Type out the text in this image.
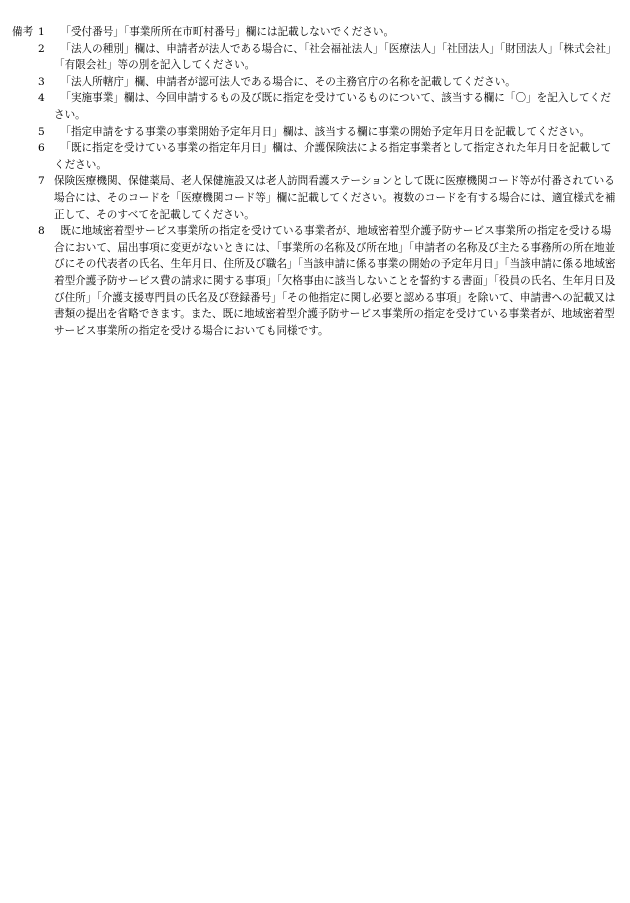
備考 1	「受付番号」「事業所所在市町村番号」欄には記載しないでください。
2	「法人の種別」欄は、申請者が法人である場合に、「社会福祉法人」「医療法人」「社団法人」「財団法人」「株式会社」「有限会社」等の別を記入してください。
3	「法人所轄庁」欄、申請者が認可法人である場合に、その主務官庁の名称を記載してください。
4	「実施事業」欄は、今回申請するもの及び既に指定を受けているものについて、該当する欄に「〇」を記入してください。
5	「指定申請をする事業の事業開始予定年月日」欄は、該当する欄に事業の開始予定年月日を記載してください。
6	「既に指定を受けている事業の指定年月日」欄は、介護保険法による指定事業者として指定された年月日を記載してください。
7 保険医療機関、保健薬局、老人保健施設又は老人訪問看護ステーションとして既に医療機関コード等が付番されている場合には、そのコードを「医療機関コード等」欄に記載してください。複数のコードを有する場合には、適宜様式を補正して、そのすべてを記載してください。
8	既に地域密着型サービス事業所の指定を受けている事業者が、地域密着型介護予防サービス事業所の指定を受ける場合において、届出事項に変更がないときには、「事業所の名称及び所在地」「申請者の名称及び主たる事務所の所在地並びにその代表者の氏名、生年月日、住所及び職名」「当該申請に係る事業の開始の予定年月日」「当該申請に係る地域密着型介護予防サービス費の請求に関する事項」「欠格事由に該当しないことを誓約する書面」「役員の氏名、生年月日及び住所」「介護支援専門員の氏名及び登録番号」「その他指定に関し必要と認める事項」を除いて、申請書への記載又は書類の提出を省略できます。また、既に地域密着型介護予防サービス事業所の指定を受けている事業者が、地域密着型サービス事業所の指定を受ける場合においても同様です。
